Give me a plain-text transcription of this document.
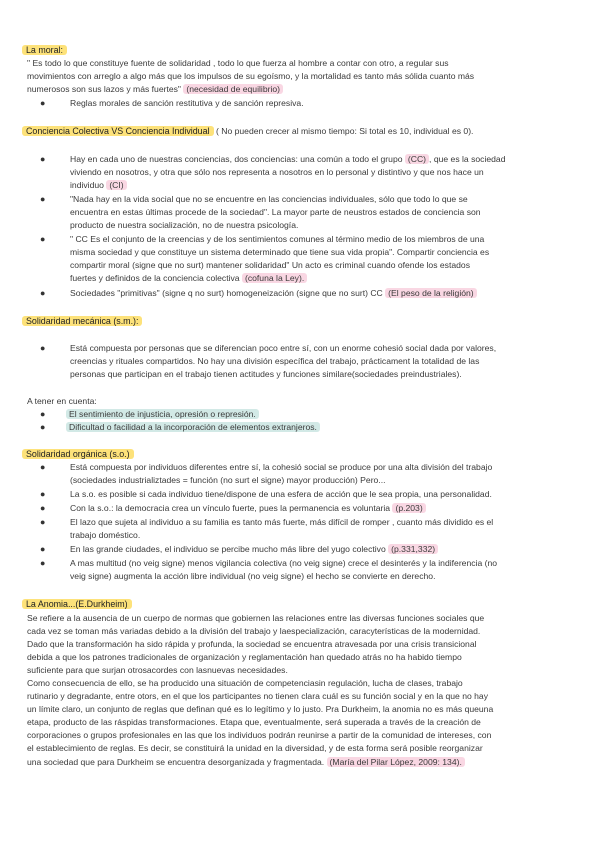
La moral:
" Es todo lo que constituye fuente de solidaridad , todo lo que fuerza al hombre a contar con otro, a regular sus
movimientos con arreglo a algo más que los impulsos de su egoísmo, y la mortalidad es tanto más sólida cuanto más
numerosos son sus lazos y más fuertes" (necesidad de equilibrio)
●	Reglas morales de sanción restitutiva y de sanción represiva.
Conciencia Colectiva VS Conciencia Individual ( No pueden crecer al mismo tiempo: Si total es 10, individual es 0).
●	Hay en cada uno de nuestras conciencias, dos conciencias: una común a todo el grupo (CC) , que es la sociedad
viviendo en nosotros, y otra que sólo nos representa a nosotros en lo personal y distintivo y que nos hace un
individuo (CI)
●	"Nada hay en la vida social que no se encuentre en las conciencias individuales, sólo que todo lo que se
encuentra en estas últimas procede de la sociedad". La mayor parte de neustros estados de conciencia son
producto de nuestra socialización, no de nuestra psicología.
●	" CC Es el conjunto de la creencias y de los sentimientos comunes al término medio de los miembros de una
misma sociedad y que constituye un sistema determinado que tiene sua vida propia". Compartir conciencia es
compartir moral (signe que no surt) mantener solidaridad" Un acto es criminal cuando ofende los estados
fuertes y definidos de la conciencia colectiva (cofuna la Ley).
●	Sociedades "primitivas" (signe q no surt) homogeneización (signe que no surt) CC (El peso de la religión)
Solidaridad mecánica (s.m.):
●	Está compuesta por personas que se diferencian poco entre sí, con un enorme cohesió social dada por valores,
creencias y rituales compartidos. No hay una división específica del trabajo, prácticament la totalidad de las
personas que participan en el trabajo tienen actitudes y funciones similare(sociedades preindustriales).
A tener en cuenta:
●	El sentimiento de injusticia, opresión o represión.
●	Dificultad o facilidad a la incorporación de elementos extranjeros.
Solidaridad orgánica (s.o.)
●	Está compuesta por individuos diferentes entre sí, la cohesió social se produce por una alta división del trabajo
(sociedades industrializtades = función (no surt el signe) mayor producción) Pero...
●	La s.o. es posible si cada individuo tiene/dispone de una esfera de acción que le sea propia, una personalidad.
●	Con la s.o.: la democracia crea un vínculo fuerte, pues la permanencia es voluntaria (p.203)
●	El lazo que sujeta al individuo a su familia es tanto más fuerte, más difícil de romper , cuanto más dividido es el
trabajo doméstico.
●	En las grande ciudades, el individuo se percibe mucho más libre del yugo colectivo (p.331,332)
●	A mas multitud (no veig signe) menos vigilancia colectiva (no veig signe) crece el desinterés y la indiferencia (no
veig signe) augmenta la acción libre individual (no veig signe) el hecho se convierte en derecho.
La Anomia...(E.Durkheim)
Se refiere a la ausencia de un cuerpo de normas que gobiernen las relaciones entre las diversas funciones sociales que
cada vez se toman más variadas debido a la división del trabajo y laespecialización, caracyterísticas de la modernidad.
Dado que la transformación ha sido rápida y profunda, la sociedad se encuentra atravesada por una crisis transicional
debida a que los patrones tradicionales de organización y reglamentación han quedado atrás no ha habido tiempo
suficiente para que surjan otrosacordes con lasnuevas necesidades.
Como consecuencia de ello, se ha producido una situación de competenciasin regulación, lucha de clases, trabajo
rutinario y degradante, entre otors, en el que los participantes no tienen clara cuál es su función social y en la que no hay
un límite claro, un conjunto de reglas que definan qué es lo legítimo y lo justo. Pra Durkheim, la anomia no es más queuna
etapa, producto de las ráspidas transformaciones. Etapa que, eventualmente, será superada a través de la creación de
corporaciones o grupos profesionales en las que los individuos podrán reunirse a partir de la comunidad de intereses, con
el establecimiento de reglas. Es decir, se constituirá la unidad en la diversidad, y de esta forma será posible reorganizar
una sociedad que para Durkheim se encuentra desorganizada y fragmentada. (María del Pilar López, 2009: 134).
